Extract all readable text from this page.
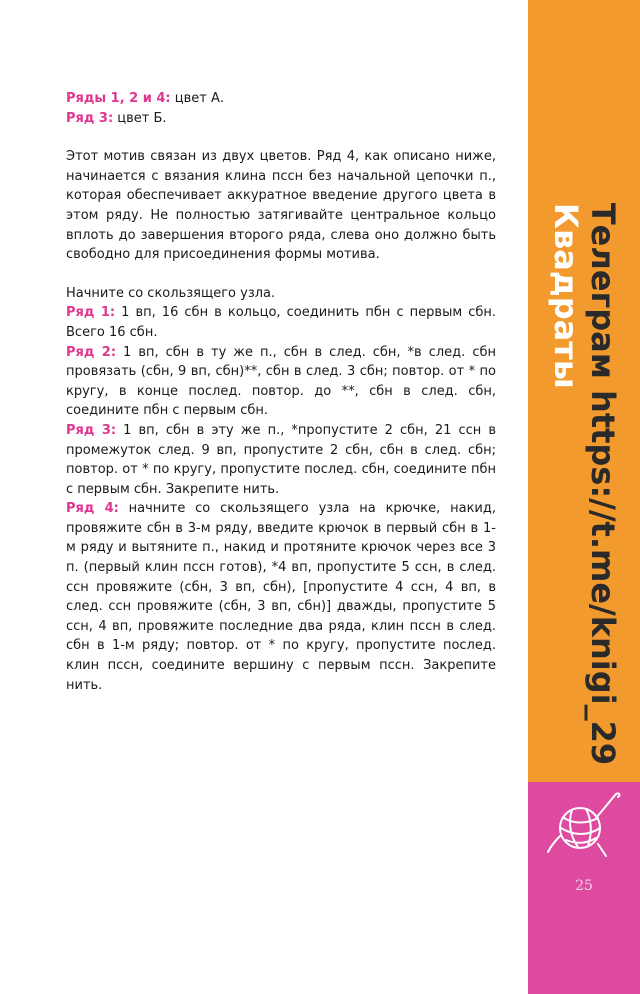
Ряды 1, 2 и 4: цвет А.

Ряд 3: цвет Б.

Этот мотив связан из двух цветов. Ряд 4, как описано ниже, начинается с вязания клина пссн без начальной цепочки п., которая обеспечивает аккуратное введение другого цвета в этом ряду. Не полностью затягивайте центральное кольцо вплоть до завершения второго ряда, слева оно должно быть свободно для присоединения формы мотива.

Начните со скользящего узла.

Ряд 1: 1 вп, 16 сбн в кольцо, соединить пбн с первым сбн. Всего 16 сбн.

Ряд 2: 1 вп, сбн в ту же п., сбн в след. сбн, *в след. сбн провязать (сбн, 9 вп, сбн)**, сбн в след. 3 сбн; повтор. от * по кругу, в конце послед. повтор. до **, сбн в след. сбн, соедините пбн с первым сбн.

Ряд 3: 1 вп, сбн в эту же п., *пропустите 2 сбн, 21 ссн в промежуток след. 9 вп, пропустите 2 сбн, сбн в след. сбн; повтор. от * по кругу, пропустите послед. сбн, соедините пбн с первым сбн. Закрепите нить.

Ряд 4: начните со скользящего узла на крючке, накид, провяжите сбн в 3-м ряду, введите крючок в первый сбн в 1-м ряду и вытяните п., накид и протяните крючок через все 3 п. (первый клин пссн готов), *4 вп, пропустите 5 ссн, в след. ссн провяжите (сбн, 3 вп, сбн), [пропустите 4 ссн, 4 вп, в след. ссн провяжите (сбн, 3 вп, сбн)] дважды, пропустите 5 ссн, 4 вп, провяжите последние два ряда, клин пссн в след. сбн в 1-м ряду; повтор. от * по кругу, пропустите послед. клин пссн, соедините вершину с первым пссн. Закрепите нить.	Телеграм https://t.me/knigi_29
Квадраты
25
